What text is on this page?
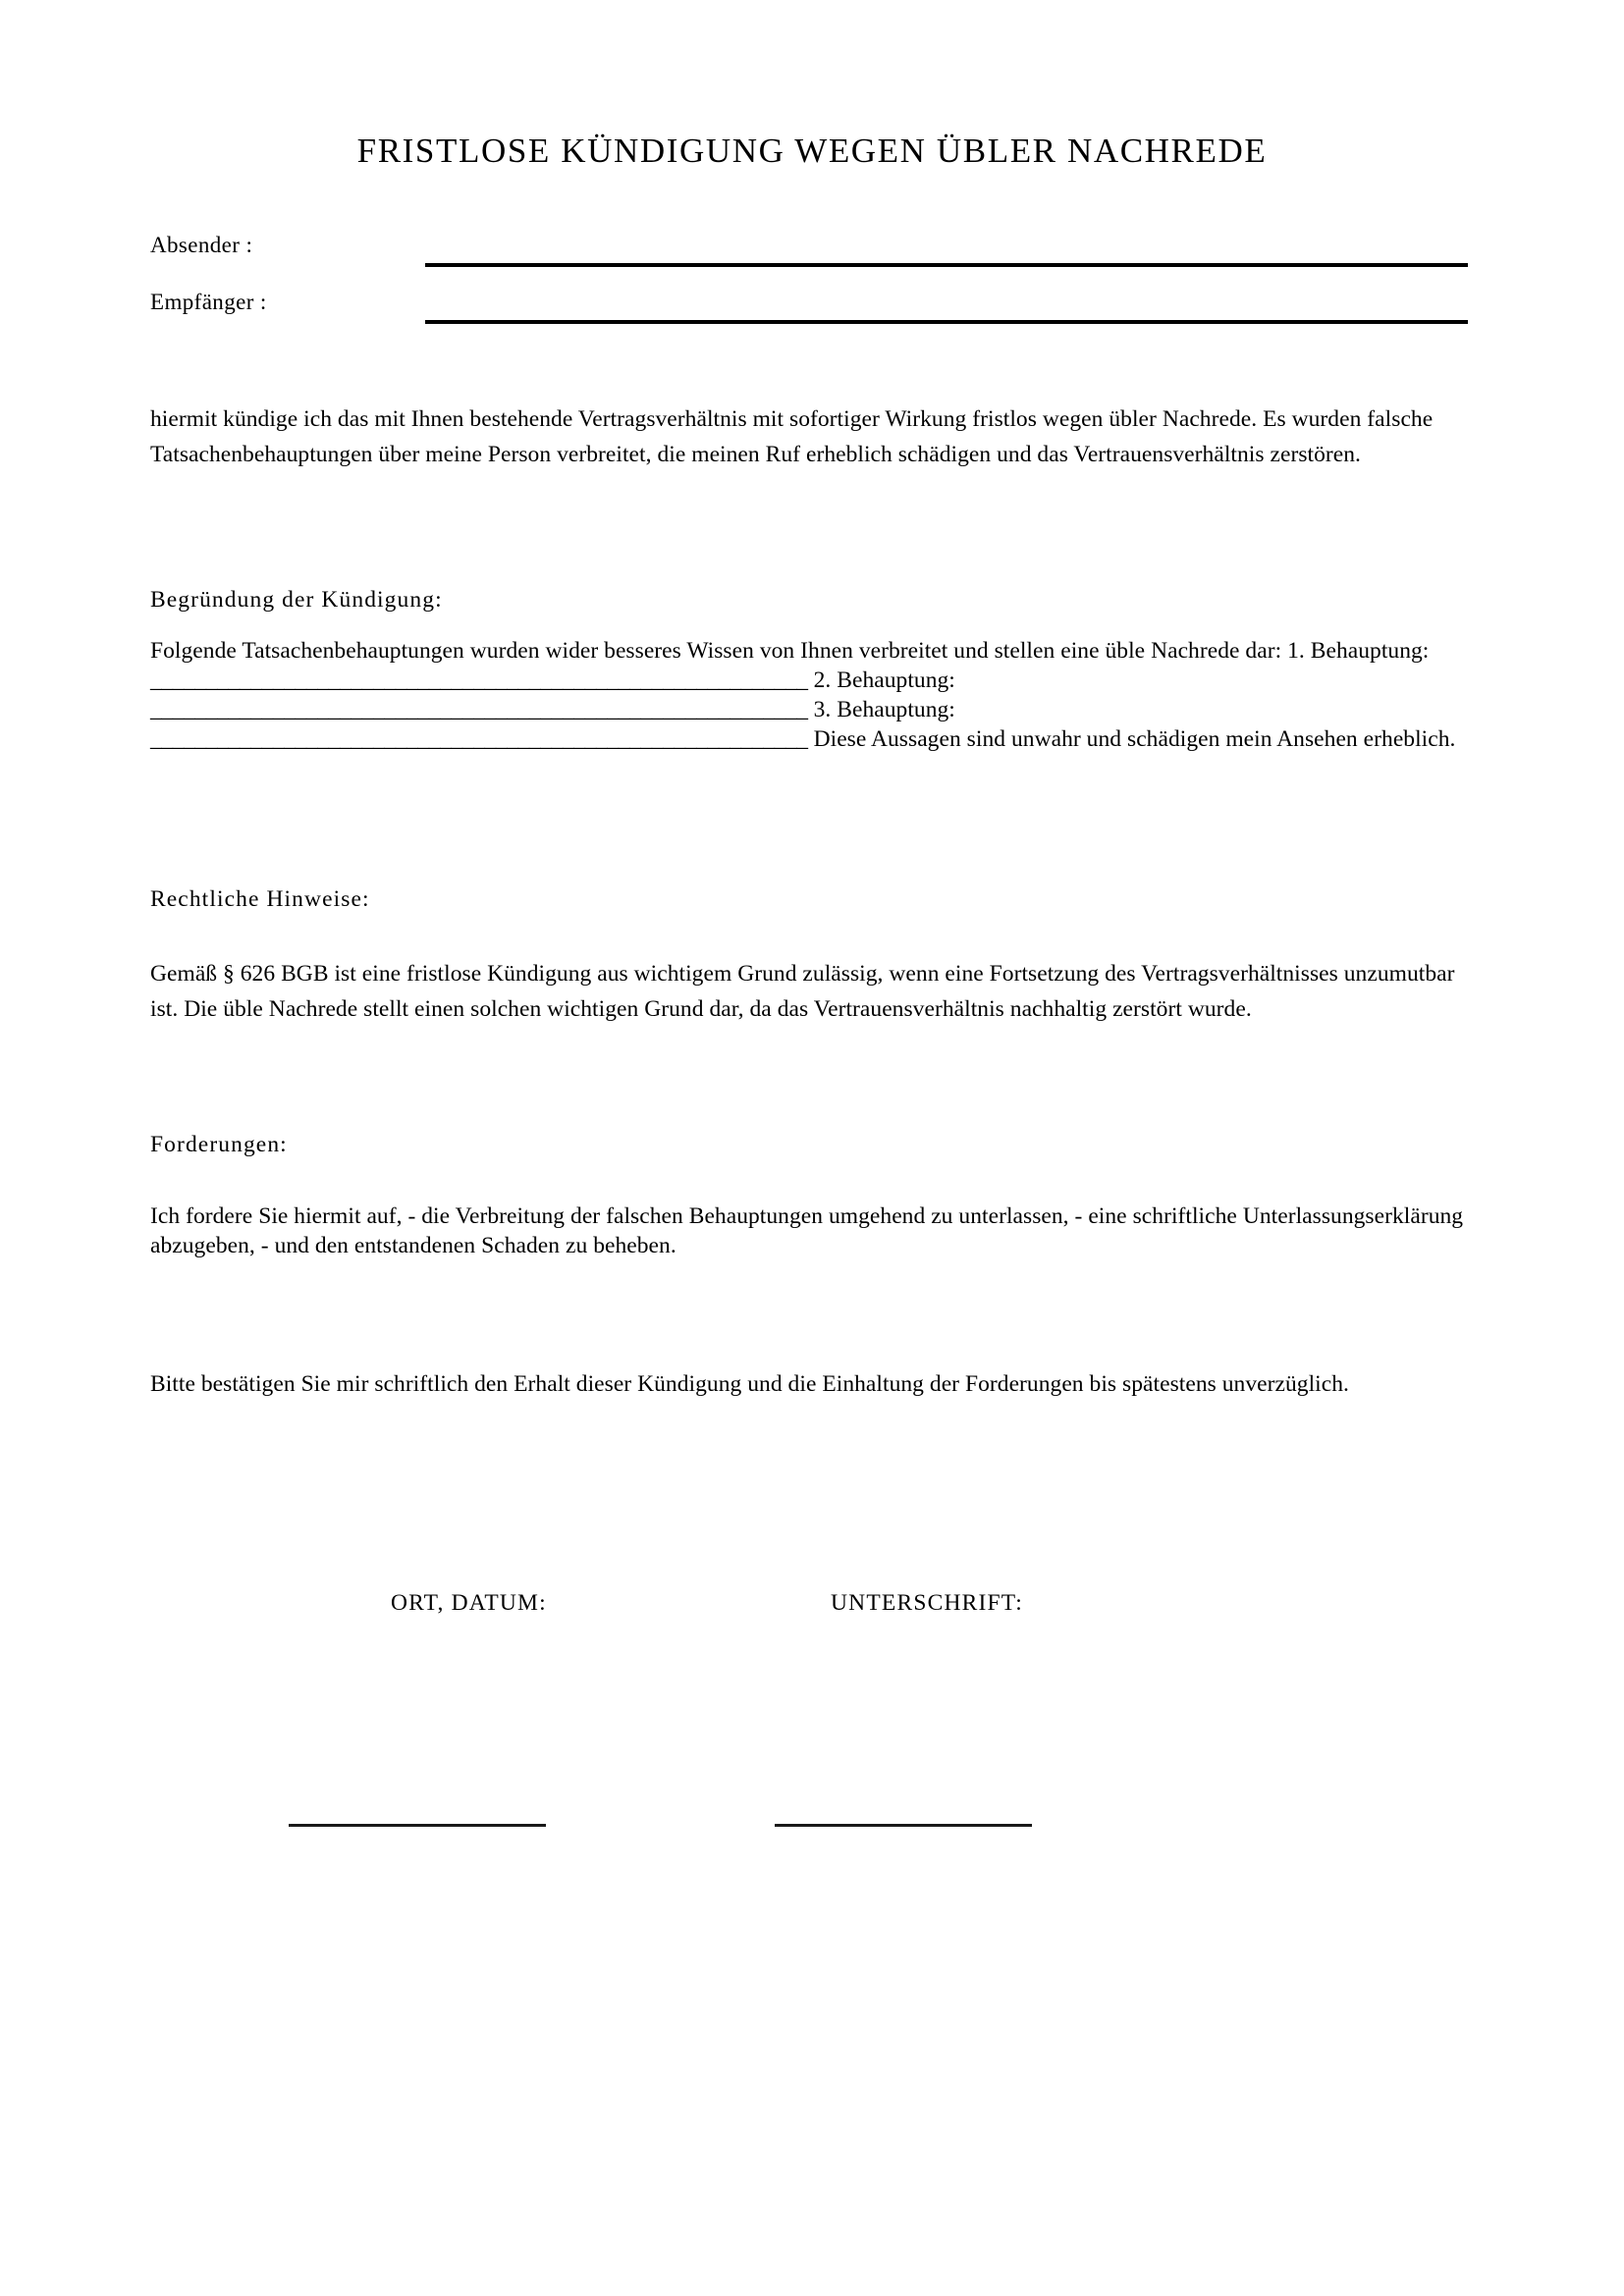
FRISTLOSE KÜNDIGUNG WEGEN ÜBLER NACHREDE
Absender :
Empfänger :

hiermit kündige ich das mit Ihnen bestehende Vertragsverhältnis mit sofortiger Wirkung fristlos wegen übler Nachrede. Es wurden falsche Tatsachenbehauptungen über meine Person verbreitet, die meinen Ruf erheblich schädigen und das Vertrauensverhältnis zerstören.

Begründung der Kündigung:
Folgende Tatsachenbehauptungen wurden wider besseres Wissen von Ihnen verbreitet und stellen eine üble Nachrede dar: 1. Behauptung: ___________________________________________________________ 2. Behauptung: ___________________________________________________________ 3. Behauptung: ___________________________________________________________ Diese Aussagen sind unwahr und schädigen mein Ansehen erheblich.
Rechtliche Hinweise:

Gemäß § 626 BGB ist eine fristlose Kündigung aus wichtigem Grund zulässig, wenn eine Fortsetzung des Vertragsverhältnisses unzumutbar ist. Die üble Nachrede stellt einen solchen wichtigen Grund dar, da das Vertrauensverhältnis nachhaltig zerstört wurde.

Forderungen:

Ich fordere Sie hiermit auf, - die Verbreitung der falschen Behauptungen umgehend zu unterlassen, - eine schriftliche Unterlassungserklärung abzugeben, - und den entstandenen Schaden zu beheben.

Bitte bestätigen Sie mir schriftlich den Erhalt dieser Kündigung und die Einhaltung der Forderungen bis spätestens unverzüglich.

ORT, DATUM:	UNTERSCHRIFT:
